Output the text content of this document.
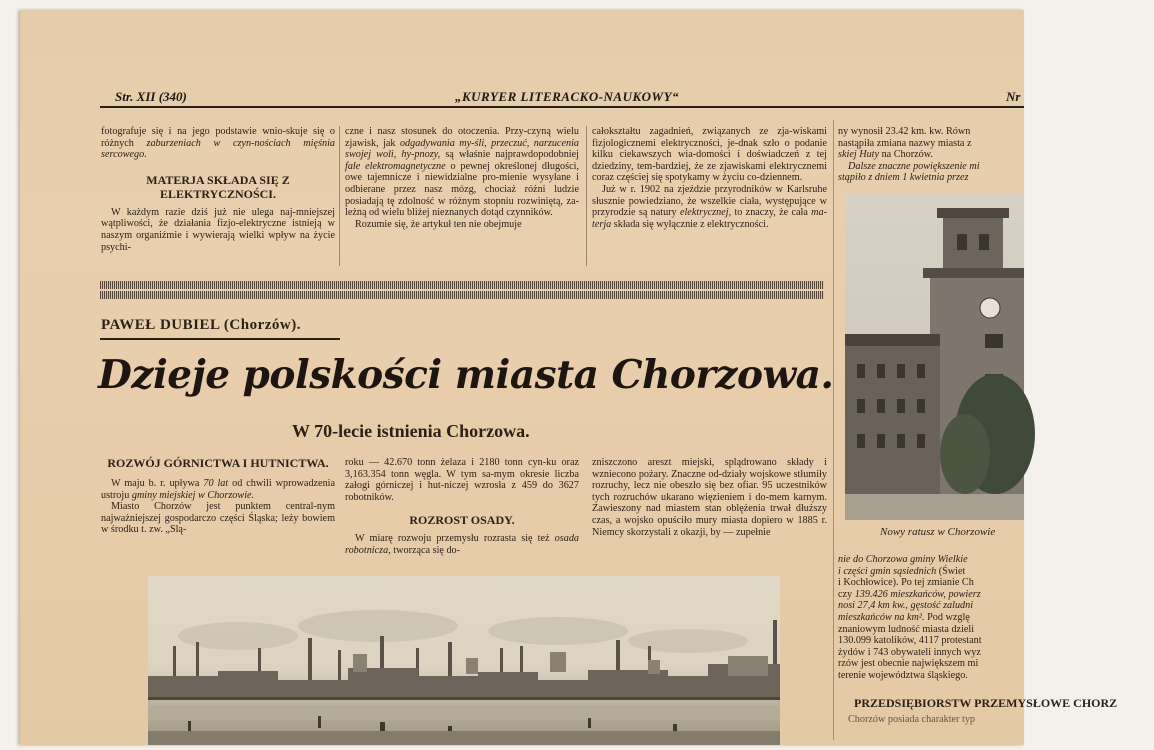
Str. XII (340)	„KURYER LITERACKO-NAUKOWY“	Nr

fotografuje się i na jego podstawie wnio-skuje się o różnych zaburzeniach w czyn-nościach mięśnia sercowego.

MATERJA SKŁADA SIĘ Z ELEKTRYCZNOŚCI.

W każdym razie dziś już nie ulega naj-mniejszej wątpliwości, że działania fizjo-elektryczne istnieją w naszym organiźmie i wywierają wielki wpływ na życie psychi-

czne i nasz stosunek do otoczenia. Przy-czyną wielu zjawisk, jak odgadywania my-śli, przeczuć, narzucenia swojej woli, hy-pnozy, są właśnie najprawdopodobniej fale elektromagnetyczne o pewnej określonej długości, owe tajemnicze i niewidzialne pro-mienie wysyłane i odbierane przez nasz mózg, chociaż różni ludzie posiadają tę zdolność w różnym stopniu rozwiniętą, za-leżną od wielu bliżej nieznanych dotąd czynników.

Rozumie się, że artykuł ten nie obejmuje

całokształtu zagadnień, związanych ze zja-wiskami fizjologicznemi elektryczności, je-dnak szło o podanie kilku ciekawszych wia-domości i doświadczeń z tej dziedziny, tem-bardziej, że ze zjawiskami elektrycznemi coraz częściej się spotykamy w życiu co-dziennem.

Już w r. 1902 na zjeździe przyrodników w Karlsruhe słusznie powiedziano, że wszelkie ciała, występujące w przyrodzie są natury elektrycznej, to znaczy, że cała ma-terja składa się wyłącznie z elektryczności.

ny wynosił 23.42 km. kw. Równ

nastąpiła zmiana nazwy miasta z

skiej Huty na Chorzów.

Dalsze znaczne powiększenie mi

stąpiło z dniem 1 kwietnia przez

Nowy ratusz w Chorzowie

nie do Chorzowa gminy Wielkie

i części gmin sąsiednich (Świet

i Kochłowice). Po tej zmianie Ch

czy 139.426 mieszkańców, powierz

nosi 27,4 km kw., gęstość zaludni

mieszkańców na km². Pod wzglę

znaniowym ludność miasta dzieli

130.099 katolików, 4117 protestant

żydów i 743 obywateli innych wyz

rzów jest obecnie największem mi

terenie województwa śląskiego.

PRZEDSIĘBIORSTW PRZEMYSŁOWE CHORZ

Chorzów posiada charakter typ

PAWEŁ DUBIEL (Chorzów).
Dzieje polskości miasta Chorzowa.
W 70-lecie istnienia Chorzowa.
ROZWÓJ GÓRNICTWA I HUTNICTWA.

W maju b. r. upływa 70 lat od chwili wprowadzenia ustroju gminy miejskiej w Chorzowie.

Miasto Chorzów jest punktem central-nym najważniejszej gospodarczo części Śląska; leży bowiem w środku t. zw. „Slą-

roku — 42.670 tonn żelaza i 2180 tonn cyn-ku oraz 3,163.354 tonn węgla. W tym sa-mym okresie liczba załogi górniczej i hut-niczej wzrosła z 459 do 3627 robotników.

ROZROST OSADY.

W miarę rozwoju przemysłu rozrasta się też osada robotnicza, tworząca się do-

zniszczono areszt miejski, splądrowano składy i wzniecono pożary. Znaczne od-działy wojskowe stłumiły rozruchy, lecz nie obeszło się bez ofiar. 95 uczestników tych rozruchów ukarano więzieniem i do-mem karnym. Zawieszony nad miastem stan oblężenia trwał dłuższy czas, a wojsko opuściło mury miasta dopiero w 1885 r. Niemcy skorzystali z okazji, by — zupełnie
